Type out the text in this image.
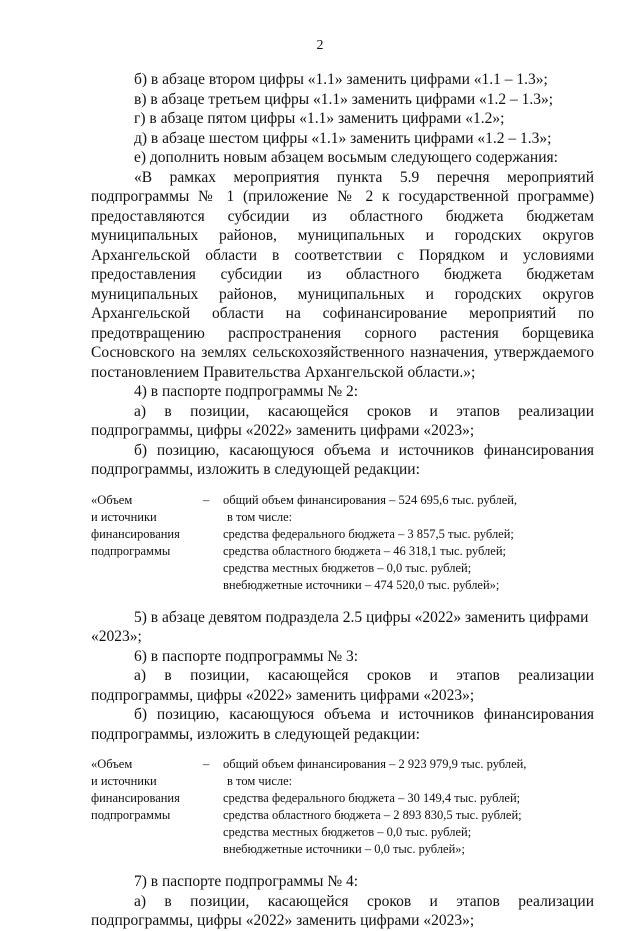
2

б) в абзаце втором цифры «1.1» заменить цифрами «1.1 – 1.3»;

в) в абзаце третьем цифры «1.1» заменить цифрами «1.2 – 1.3»;

г) в абзаце пятом цифры «1.1» заменить цифрами «1.2»;

д) в абзаце шестом цифры «1.1» заменить цифрами «1.2 – 1.3»;

е) дополнить новым абзацем восьмым следующего содержания:

«В рамках мероприятия пункта 5.9 перечня мероприятий подпрограммы № 1 (приложение № 2 к государственной программе) предоставляются субсидии из областного бюджета бюджетам муниципальных районов, муниципальных и городских округов Архангельской области в соответствии с Порядком и условиями предоставления субсидии из областного бюджета бюджетам муниципальных районов, муниципальных и городских округов Архангельской области на софинансирование мероприятий по предотвращению распространения сорного растения борщевика Сосновского на землях сельскохозяйственного назначения, утверждаемого постановлением Правительства Архангельской области.»;

4) в паспорте подпрограммы № 2:

а) в позиции, касающейся сроков и этапов реализации подпрограммы, цифры «2022» заменить цифрами «2023»;

б) позицию, касающуюся объема и источников финансирования подпрограммы, изложить в следующей редакции:

«Объем
и источники
финансирования
подпрограммы
–	общий объем финансирования – 524 695,6 тыс. рублей,
в том числе:
средства федерального бюджета – 3 857,5 тыс. рублей;
средства областного бюджета – 46 318,1 тыс. рублей;
средства местных бюджетов – 0,0 тыс. рублей;
внебюджетные источники – 474 520,0 тыс. рублей»;

5) в абзаце девятом подраздела 2.5 цифры «2022» заменить цифрами «2023»;

6) в паспорте подпрограммы № 3:

а) в позиции, касающейся сроков и этапов реализации подпрограммы, цифры «2022» заменить цифрами «2023»;

б) позицию, касающуюся объема и источников финансирования подпрограммы, изложить в следующей редакции:

«Объем
и источники
финансирования
подпрограммы
–	общий объем финансирования – 2 923 979,9 тыс. рублей,
в том числе:
средства федерального бюджета – 30 149,4 тыс. рублей;
средства областного бюджета – 2 893 830,5 тыс. рублей;
средства местных бюджетов – 0,0 тыс. рублей;
внебюджетные источники – 0,0 тыс. рублей»;

7) в паспорте подпрограммы № 4:

а) в позиции, касающейся сроков и этапов реализации подпрограммы, цифры «2022» заменить цифрами «2023»;
